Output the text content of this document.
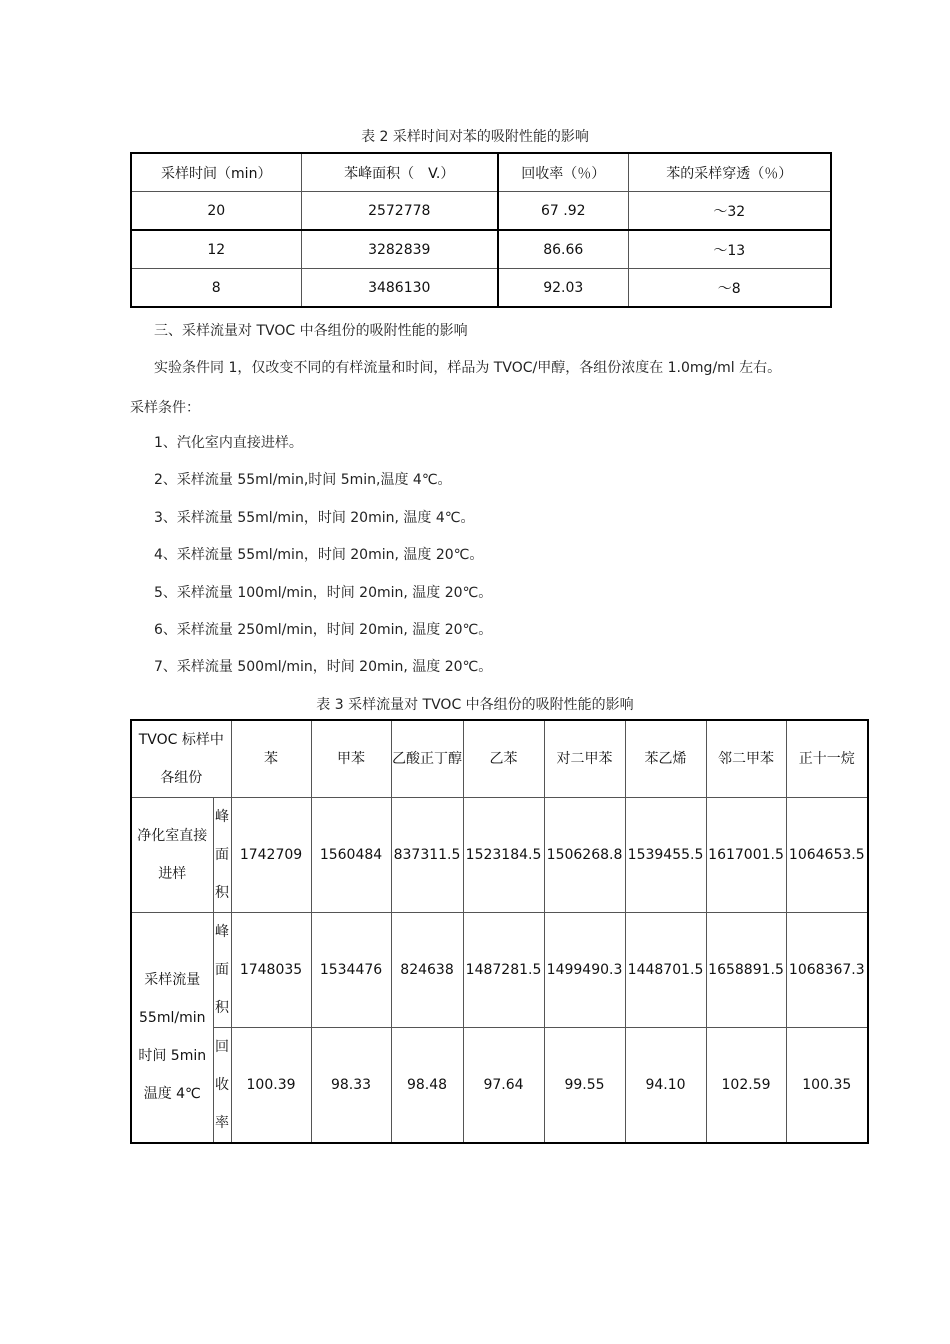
表 2 采样时间对苯的吸附性能的影响
采样时间（min）	苯峰面积（　V.）	回收率（％）	苯的采样穿透（％）
20	2572778	67 .92	～32
12	3282839	86.66	～13
8	3486130	92.03	～8
三、采样流量对 TVOC 中各组份的吸附性能的影响
实验条件同 1，仅改变不同的有样流量和时间，样品为 TVOC/甲醇，各组份浓度在 1.0mg/ml 左右。
采样条件：
1、汽化室内直接进样。
2、采样流量 55ml/min,时间 5min,温度 4℃。
3、采样流量 55ml/min，时间 20min, 温度 4℃。
4、采样流量 55ml/min，时间 20min, 温度 20℃。
5、采样流量 100ml/min，时间 20min, 温度 20℃。
6、采样流量 250ml/min，时间 20min, 温度 20℃。
7、采样流量 500ml/min，时间 20min, 温度 20℃。
表 3 采样流量对 TVOC 中各组份的吸附性能的影响
TVOC 标样中各组份		苯	甲苯	乙酸正丁醇	乙苯	对二甲苯	苯乙烯	邻二甲苯	正十一烷
净化室直接进样	峰面积	1742709	1560484	837311.5	1523184.5	1506268.8	1539455.5	1617001.5	1064653.5

采样流量
55ml/min
时间 5min
温度 4℃	峰面积	1748035	1534476	824638	1487281.5	1499490.3	1448701.5	1658891.5	1068367.3
	回收率	100.39	98.33	98.48	97.64	99.55	94.10	102.59	100.35
